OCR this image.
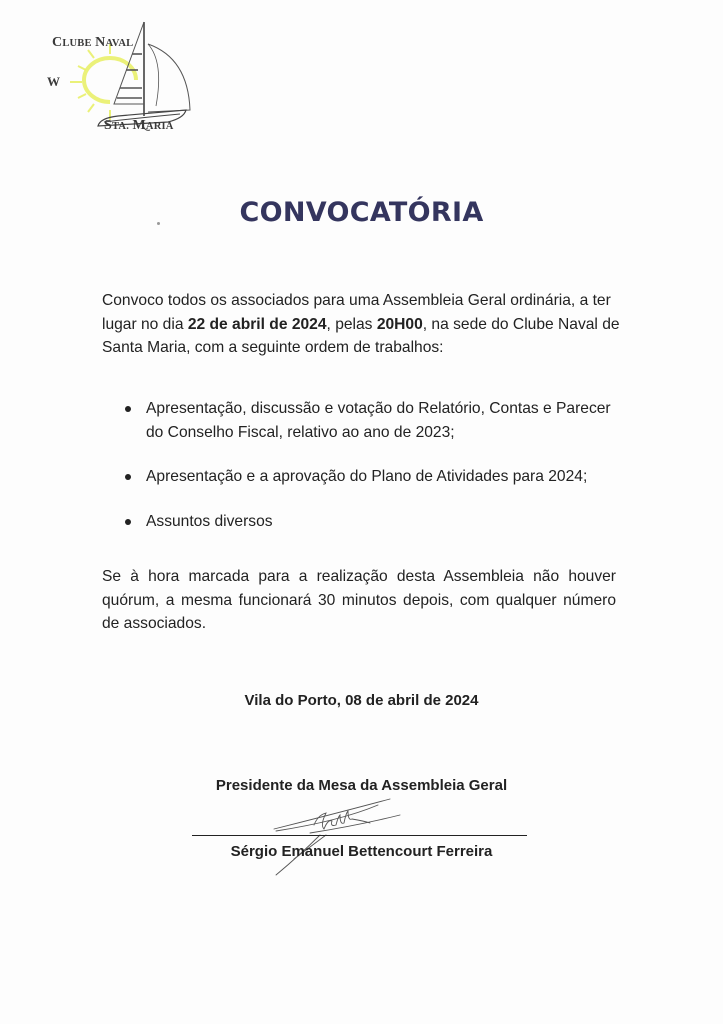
CLUBE NAVAL
W
STA. MARIA
CONVOCATÓRIA
Convoco todos os associados para uma Assembleia Geral ordinária, a ter
lugar no dia 22 de abril de 2024, pelas 20H00, na sede do Clube Naval de
Santa Maria, com a seguinte ordem de trabalhos:
Apresentação, discussão e votação do Relatório, Contas e Parecer
do Conselho Fiscal, relativo ao ano de 2023;
Apresentação e a aprovação do Plano de Atividades para 2024;
Assuntos diversos
Se à hora marcada para a realização desta Assembleia não houver
quórum, a mesma funcionará 30 minutos depois, com qualquer número
de associados.
Vila do Porto, 08 de abril de 2024
Presidente da Mesa da Assembleia Geral
Sérgio Emanuel Bettencourt Ferreira
